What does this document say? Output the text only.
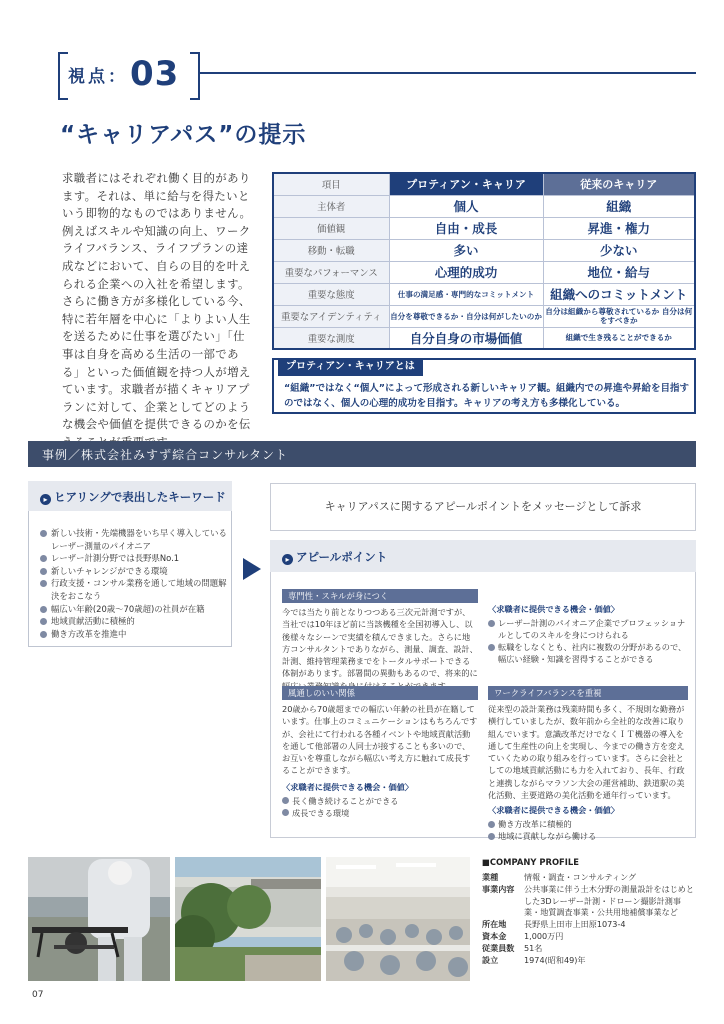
視点： 03
“キャリアパス”の提示
求職者にはそれぞれ働く目的があります。それは、単に給与を得たいという即物的なものではありません。例えばスキルや知識の向上、ワークライフバランス、ライフプランの達成などにおいて、自らの目的を叶えられる企業への入社を希望します。さらに働き方が多様化している今、特に若年層を中心に「よりよい人生を送るために仕事を選びたい」「仕事は自身を高める生活の一部である」といった価値観を持つ人が増えています。求職者が描くキャリアプランに対して、企業としてどのような機会や価値を提供できるのかを伝
項目	プロティアン・キャリア	従来のキャリア
主体者	個人	組織
価値観	自由・成長	昇進・権力
移動・転職	多い	少ない
重要なパフォーマンス	心理的成功	地位・給与
重要な態度	仕事の満足感・専門的なコミットメント	組織へのコミットメント
重要なアイデンティティ	自分を尊敬できるか・自分は何がしたいのか	自分は組織から尊敬されているか 自分は何をすべきか
重要な測度	自分自身の市場価値	組織で生き残ることができるか
プロティアン・キャリアとは
“組織”ではなく“個人”によって形成される新しいキャリア観。組織内での昇進や昇給を目指すのではなく、個人の心理的成功を目指す。キャリアの考え方も多様化している。
事例／株式会社みすず綜合コンサルタント
▸ ヒアリングで表出したキーワード
新しい技術・先端機器をいち早く導入しているレーザー測量のパイオニア
レーザー計測分野では長野県No.1
新しいチャレンジができる環境
行政支援・コンサル業務を通して地域の問題解決をおこなう
幅広い年齢(20歳〜70歳超)の社員が在籍
地域貢献活動に積極的
働き方改革を推進中
キャリアパスに関するアピールポイントをメッセージとして訴求
▸ アピールポイント
専門性・スキルが身につく
今では当たり前となりつつある三次元計測ですが、当社では10年ほど前に当該機種を全国初導入し、以後様々なシーンで実績を積んできました。さらに地方コンサルタントでありながら、測量、調査、設計、計測、維持管理業務までをトータルサポートできる体制があります。部署間の異動もあるので、将来的に
〈求職者に提供できる機会・価値〉
レーザー計測のパイオニア企業でプロフェッショナルとしてのスキルを身につけられる
転職をしなくとも、社内に複数の分野があるので、幅広い経験・知識を習得することができる
風通しのいい関係
20歳から70歳超までの幅広い年齢の社員が在籍しています。仕事上のコミュニケーションはもちろんですが、会社にて行われる各種イベントや地域貢献活動を通して他部署の人同士が接することも多いので、お互いを尊重しながら幅広い考え方に触れて成長することができます。
〈求職者に提供できる機会・価値〉
長く働き続けることができる
成長できる環境
ワークライフバランスを重視
従来型の設計業務は残業時間も多く、不規則な勤務が横行していましたが、数年前から全社的な改善に取り組んでいます。意識改革だけでなくＩＴ機器の導入を通して生産性の向上を実現し、今までの働き方を変えていくための取り組みを行っています。さらに会社としての地域貢献活動にも力を入れており、長年、行政と連携しながらマラソン大会の運営補助、鉄道駅の美化活動、主要道路の美化活動を通年行っています。
〈求職者に提供できる機会・価値〉
働き方改革に積極的
地域に貢献しながら働ける
■COMPANY PROFILE
業種	情報・調査・コンサルティング
事業内容	公共事業に伴う土木分野の測量設計をはじめとした3Dレーザー計測・ドローン撮影計測事業・地質調査事業・公共用地補償事業など
所在地	長野県上田市上田原1073-4
資本金	1,000万円
従業員数	51名
設立	1974(昭和49)年
07
